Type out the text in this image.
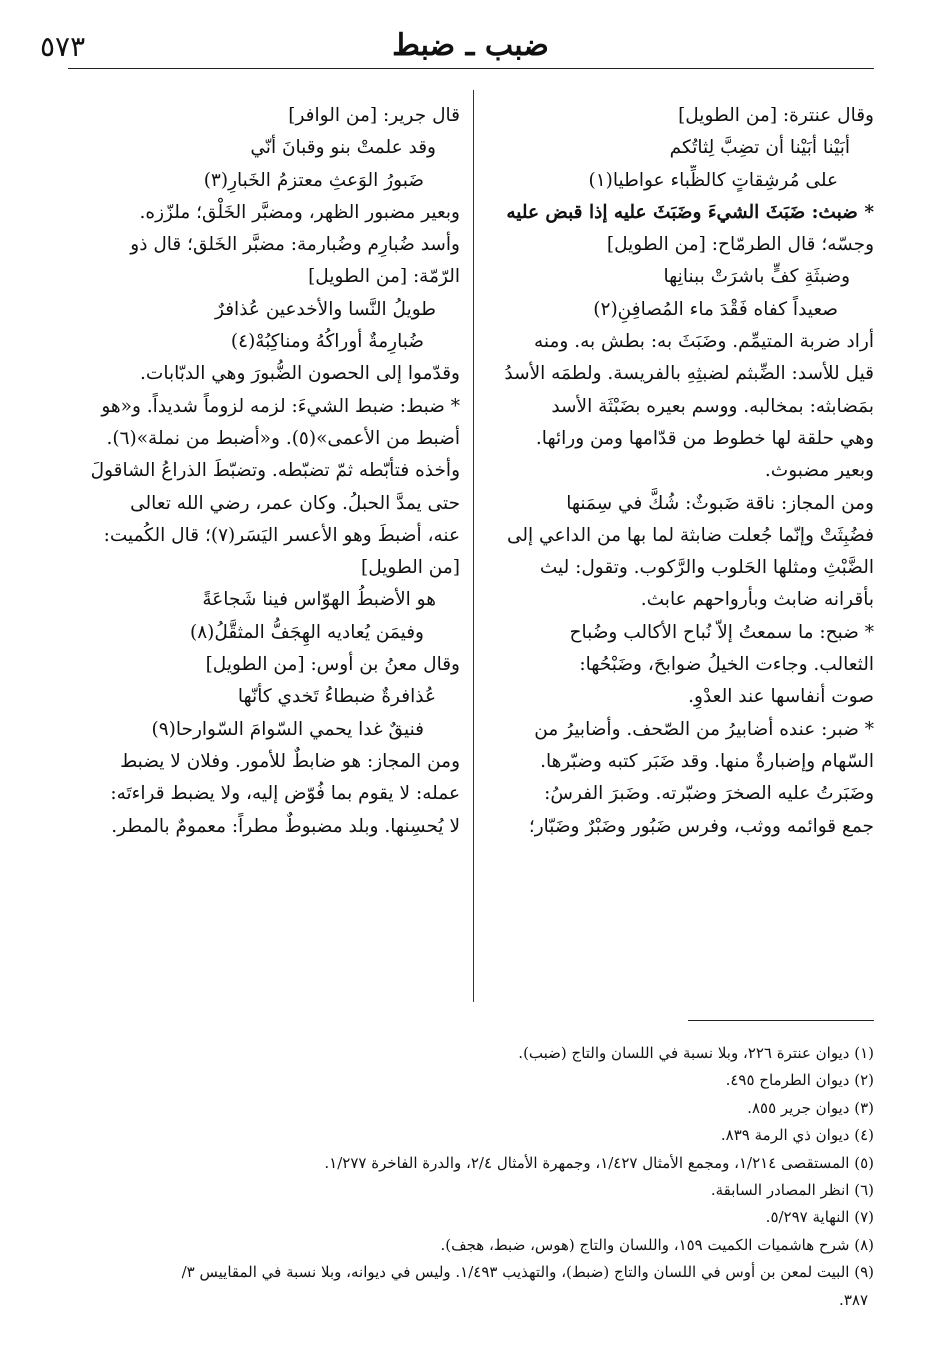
٥٧٣	ضبب ـ ضبط
وقال عنترة: [من الطويل]
أبَيْنا أبَيْنا أن تضِبَّ لِثاتُكم
على مُرشِقاتٍ كالظِّباء عواطيا(١)
* ضبث: ضَبَثَ الشيءَ وضَبَثَ عليه إذا قبض عليه
وجسّه؛ قال الطرمّاح: [من الطويل]
وضبثَةِ كفٍّ باشرَتْ ببنانِها
صعيداً كفاه فَقْدَ ماء المُصافِنِ(٢)
أراد ضربة المتيمِّم. وضَبَثَ به: بطش به. ومنه
قيل للأسد: الضِّبثم لضبثِهِ بالفريسة. ولطمَه الأسدُ
بمَضابثه: بمخالبه. ووسم بعيره بضَبْثَة الأسد
وهي حلقة لها خطوط من قدّامها ومن ورائها.
وبعير مضبوث.
ومن المجاز: ناقة ضَبوثٌ: شُكَّ في سِمَنها
فضُبِثَتْ وإنّما جُعلت ضابثة لما بها من الداعي إلى
الضَّبْثِ ومثلها الحَلوب والرَّكوب. وتقول: ليث
بأقرانه ضابث وبأرواحهم عابث.
* ضبح: ما سمعتُ إلاّ نُباح الأكالب وضُباح
الثعالب. وجاءت الخيلُ ضوابحَ، وضَبْحُها:
صوت أنفاسها عند العدْوِ.
* ضبر: عنده أضابيرُ من الصّحف. وأضابيرُ من
السّهام وإضبارةٌ منها. وقد ضَبَر كتبه وضبّرها.
وضَبَرتُ عليه الصخرَ وضبّرته. وضَبرَ الفرسُ:
جمع قوائمه ووثب، وفرس ضَبُور وضَبْرٌ وضَبّار؛
قال جرير: [من الوافر]
وقد علمتْ بنو وقبانَ أنّي
ضَبورُ الوَعثِ معتزمُ الخَبارِ(٣)
وبعير مضبور الظهر، ومضبَّر الخَلْق؛ ملزّزه.
وأسد ضُبارِم وضُبارمة: مضبَّر الخَلق؛ قال ذو
الرّمّة: [من الطويل]
طويلُ النَّسا والأخدعين عُذافرٌ
ضُبارِمةٌ أوراكُهُ ومناكِبُهْ(٤)
وقدّموا إلى الحصون الضُّبورَ وهي الدبّابات.
* ضبط: ضبط الشيءَ: لزمه لزوماً شديداً. و«هو
أضبط من الأعمى»(٥). و«أضبط من نملة»(٦).
وأخذه فتأبّطه ثمّ تضبّطه. وتضبّطَ الذراعُ الشاقولَ
حتى يمدَّ الحبلُ. وكان عمر، رضي الله تعالى
عنه، أضبطَ وهو الأعسر اليَسَر(٧)؛ قال الكُميت:
[من الطويل]
هو الأضبطُ الهوّاس فينا شَجاعَةً
وفيمَن يُعاديه الهِجَفُّ المثقَّلُ(٨)
وقال معنُ بن أوس: [من الطويل]
عُذافرةٌ ضبطاءُ تَخدي كأنّها
فنيقٌ غدا يحمي السّوامَ السّوارحا(٩)
ومن المجاز: هو ضابطٌ للأمور. وفلان لا يضبط
عمله: لا يقوم بما فُوّض إليه، ولا يضبط قراءتَه:
لا يُحسِنها. وبلد مضبوطٌ مطراً: معمومٌ بالمطر.
(١) ديوان عنترة ٢٢٦، وبلا نسبة في اللسان والتاج (ضبب).
(٢) ديوان الطرماح ٤٩٥.
(٣) ديوان جرير ٨٥٥.
(٤) ديوان ذي الرمة ٨٣٩.
(٥) المستقصى ١/٢١٤، ومجمع الأمثال ١/٤٢٧، وجمهرة الأمثال ٢/٤، والدرة الفاخرة ١/٢٧٧.
(٦) انظر المصادر السابقة.
(٧) النهاية ٥/٢٩٧.
(٨) شرح هاشميات الكميت ١٥٩، واللسان والتاج (هوس، ضبط، هجف).
(٩) البيت لمعن بن أوس في اللسان والتاج (ضبط)، والتهذيب ١/٤٩٣. وليس في ديوانه، وبلا نسبة في المقاييس ٣/
٣٨٧.
